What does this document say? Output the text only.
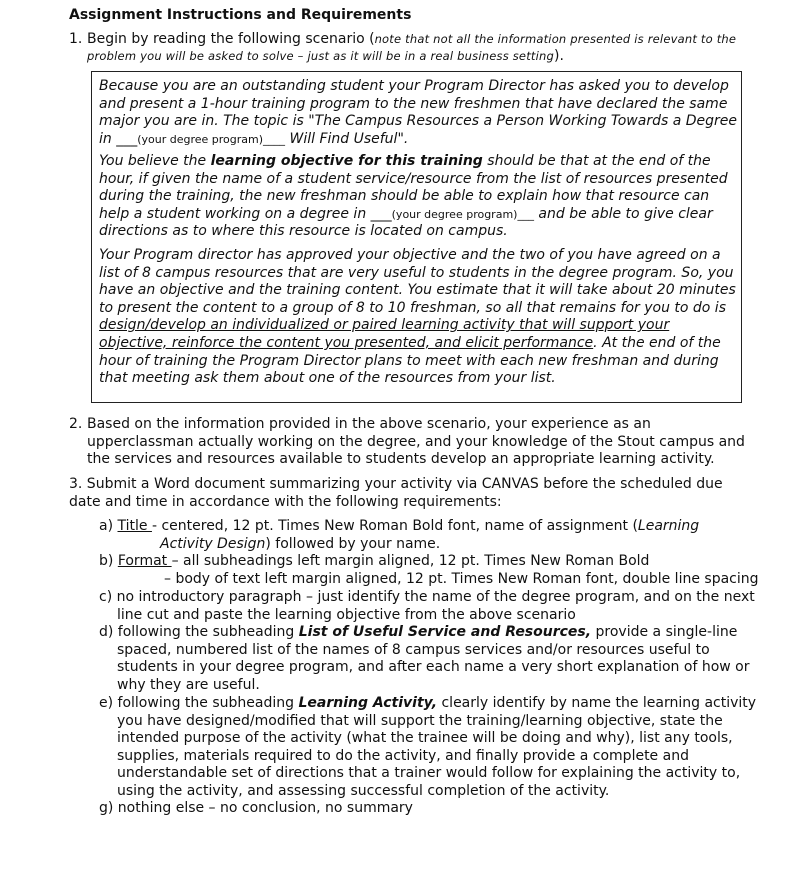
Assignment Instructions and Requirements
1. Begin by reading the following scenario (note that not all the information presented is relevant to the problem you will be asked to solve – just as it will be in a real business setting).
Because you are an outstanding student your Program Director has asked you to develop and present a 1-hour training program to the new freshmen that have declared the same major you are in. The topic is "The Campus Resources a Person Working Towards a Degree in ___(your degree program)____ Will Find Useful".
You believe the learning objective for this training should be that at the end of the hour, if given the name of a student service/resource from the list of resources presented during the training, the new freshman should be able to explain how that resource can help a student working on a degree in ___(your degree program)___ and be able to give clear directions as to where this resource is located on campus.
Your Program director has approved your objective and the two of you have agreed on a list of 8 campus resources that are very useful to students in the degree program. So, you have an objective and the training content. You estimate that it will take about 20 minutes to present the content to a group of 8 to 10 freshman, so all that remains for you to do is design/develop an individualized or paired learning activity that will support your objective, reinforce the content you presented, and elicit performance. At the end of the hour of training the Program Director plans to meet with each new freshman and during that meeting ask them about one of the resources from your list.
2. Based on the information provided in the above scenario, your experience as an upperclassman actually working on the degree, and your knowledge of the Stout campus and the services and resources available to students develop an appropriate learning activity.
3. Submit a Word document summarizing your activity via CANVAS before the scheduled due date and time in accordance with the following requirements:
a) Title - centered, 12 pt. Times New Roman Bold font, name of assignment (Learning Activity Design) followed by your name.
b) Format – all subheadings left margin aligned, 12 pt. Times New Roman Bold
– body of text left margin aligned, 12 pt. Times New Roman font, double line spacing
c) no introductory paragraph – just identify the name of the degree program, and on the next line cut and paste the learning objective from the above scenario
d) following the subheading List of Useful Service and Resources, provide a single-line spaced, numbered list of the names of 8 campus services and/or resources useful to students in your degree program, and after each name a very short explanation of how or why they are useful.
e) following the subheading Learning Activity, clearly identify by name the learning activity you have designed/modified that will support the training/learning objective, state the intended purpose of the activity (what the trainee will be doing and why), list any tools, supplies, materials required to do the activity, and finally provide a complete and understandable set of directions that a trainer would follow for explaining the activity to, using the activity, and assessing successful completion of the activity.
g) nothing else – no conclusion, no summary
